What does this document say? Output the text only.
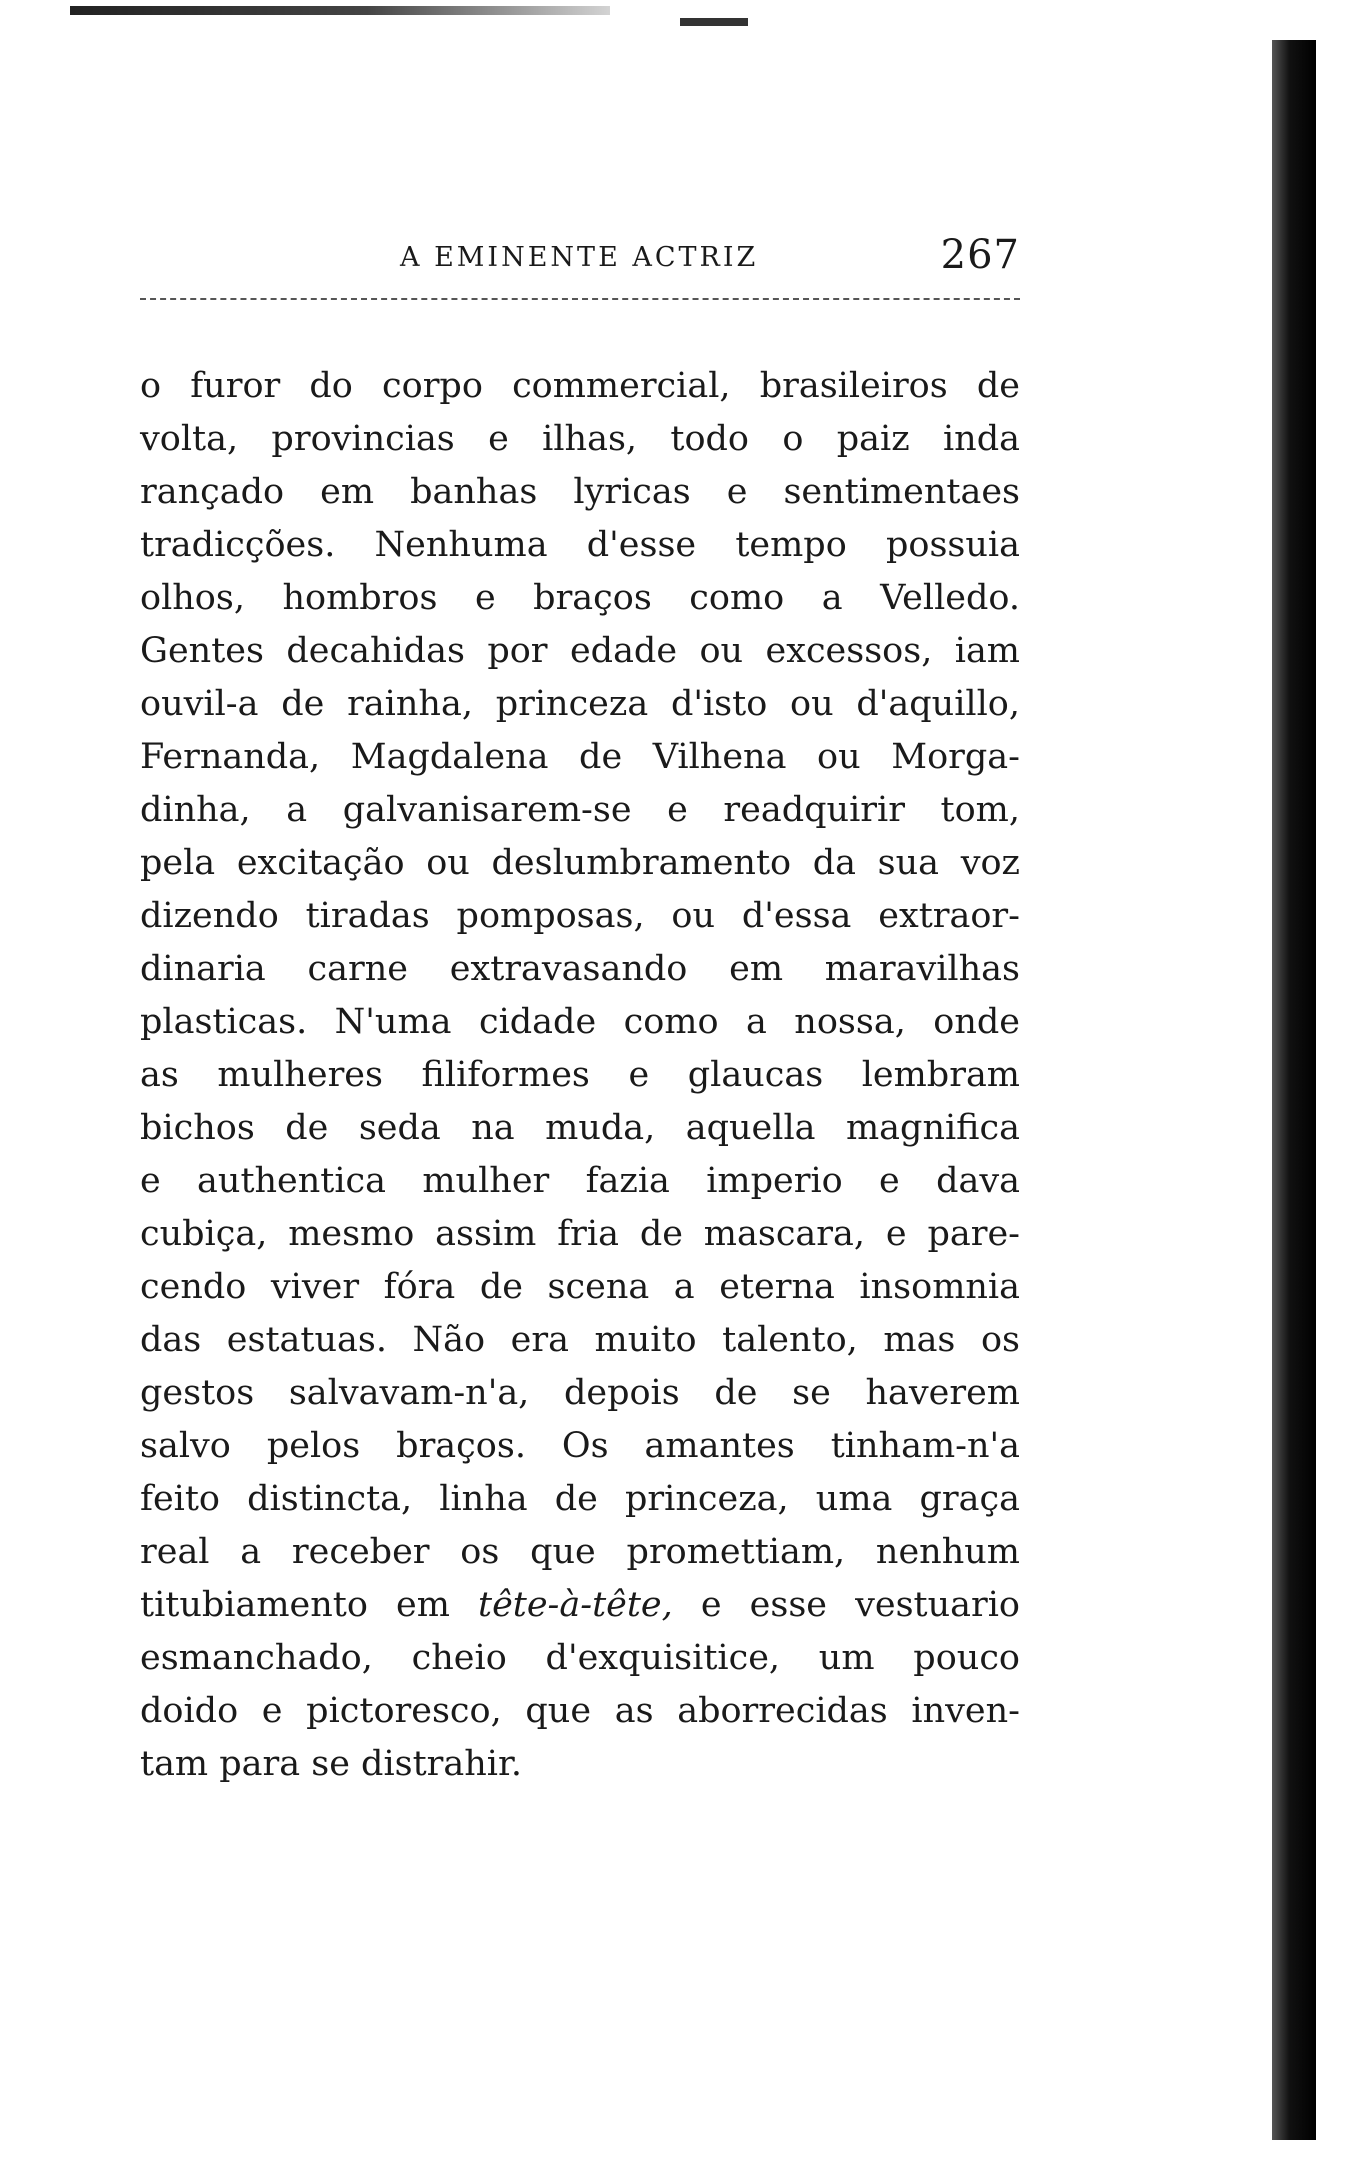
A EMINENTE ACTRIZ	267
o furor do corpo commercial, brasileiros de
volta, provincias e ilhas, todo o paiz inda
rançado em banhas lyricas e sentimentaes
tradicções. Nenhuma d'esse tempo possuia
olhos, hombros e braços como a Velledo.
Gentes decahidas por edade ou excessos, iam
ouvil-a de rainha, princeza d'isto ou d'aquillo,
Fernanda, Magdalena de Vilhena ou Morga-
dinha, a galvanisarem-se e readquirir tom,
pela excitação ou deslumbramento da sua voz
dizendo tiradas pomposas, ou d'essa extraor-
dinaria carne extravasando em maravilhas
plasticas. N'uma cidade como a nossa, onde
as mulheres filiformes e glaucas lembram
bichos de seda na muda, aquella magnifica
e authentica mulher fazia imperio e dava
cubiça, mesmo assim fria de mascara, e pare-
cendo viver fóra de scena a eterna insomnia
das estatuas. Não era muito talento, mas os
gestos salvavam-n'a, depois de se haverem
salvo pelos braços. Os amantes tinham-n'a
feito distincta, linha de princeza, uma graça
real a receber os que promettiam, nenhum
titubiamento em tête-à-tête, e esse vestuario
esmanchado, cheio d'exquisitice, um pouco
doido e pictoresco, que as aborrecidas inven-
tam para se distrahir.
